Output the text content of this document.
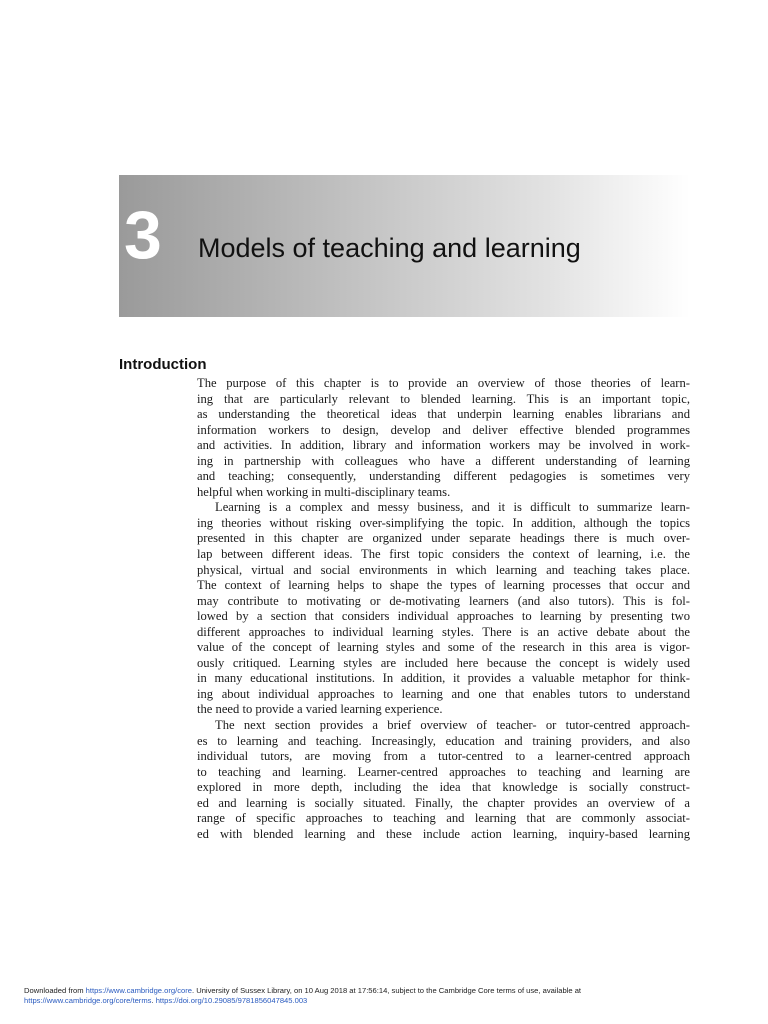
3 Models of teaching and learning
Introduction
The purpose of this chapter is to provide an overview of those theories of learn-
ing that are particularly relevant to blended learning. This is an important topic,
as understanding the theoretical ideas that underpin learning enables librarians and
information workers to design, develop and deliver effective blended programmes
and activities. In addition, library and information workers may be involved in work-
ing in partnership with colleagues who have a different understanding of learning
and teaching; consequently, understanding different pedagogies is sometimes very
helpful when working in multi-disciplinary teams.
Learning is a complex and messy business, and it is difficult to summarize learn-
ing theories without risking over-simplifying the topic. In addition, although the topics
presented in this chapter are organized under separate headings there is much over-
lap between different ideas. The first topic considers the context of learning, i.e. the
physical, virtual and social environments in which learning and teaching takes place.
The context of learning helps to shape the types of learning processes that occur and
may contribute to motivating or de-motivating learners (and also tutors). This is fol-
lowed by a section that considers individual approaches to learning by presenting two
different approaches to individual learning styles. There is an active debate about the
value of the concept of learning styles and some of the research in this area is vigor-
ously critiqued. Learning styles are included here because the concept is widely used
in many educational institutions. In addition, it provides a valuable metaphor for think-
ing about individual approaches to learning and one that enables tutors to understand
the need to provide a varied learning experience.
The next section provides a brief overview of teacher- or tutor-centred approach-
es to learning and teaching. Increasingly, education and training providers, and also
individual tutors, are moving from a tutor-centred to a learner-centred approach
to teaching and learning. Learner-centred approaches to teaching and learning are
explored in more depth, including the idea that knowledge is socially construct-
ed and learning is socially situated. Finally, the chapter provides an overview of a
range of specific approaches to teaching and learning that are commonly associat-
ed with blended learning and these include action learning, inquiry-based learning
Downloaded from https://www.cambridge.org/core. University of Sussex Library, on 10 Aug 2018 at 17:56:14, subject to the Cambridge Core terms of use, available at
https://www.cambridge.org/core/terms. https://doi.org/10.29085/9781856047845.003
